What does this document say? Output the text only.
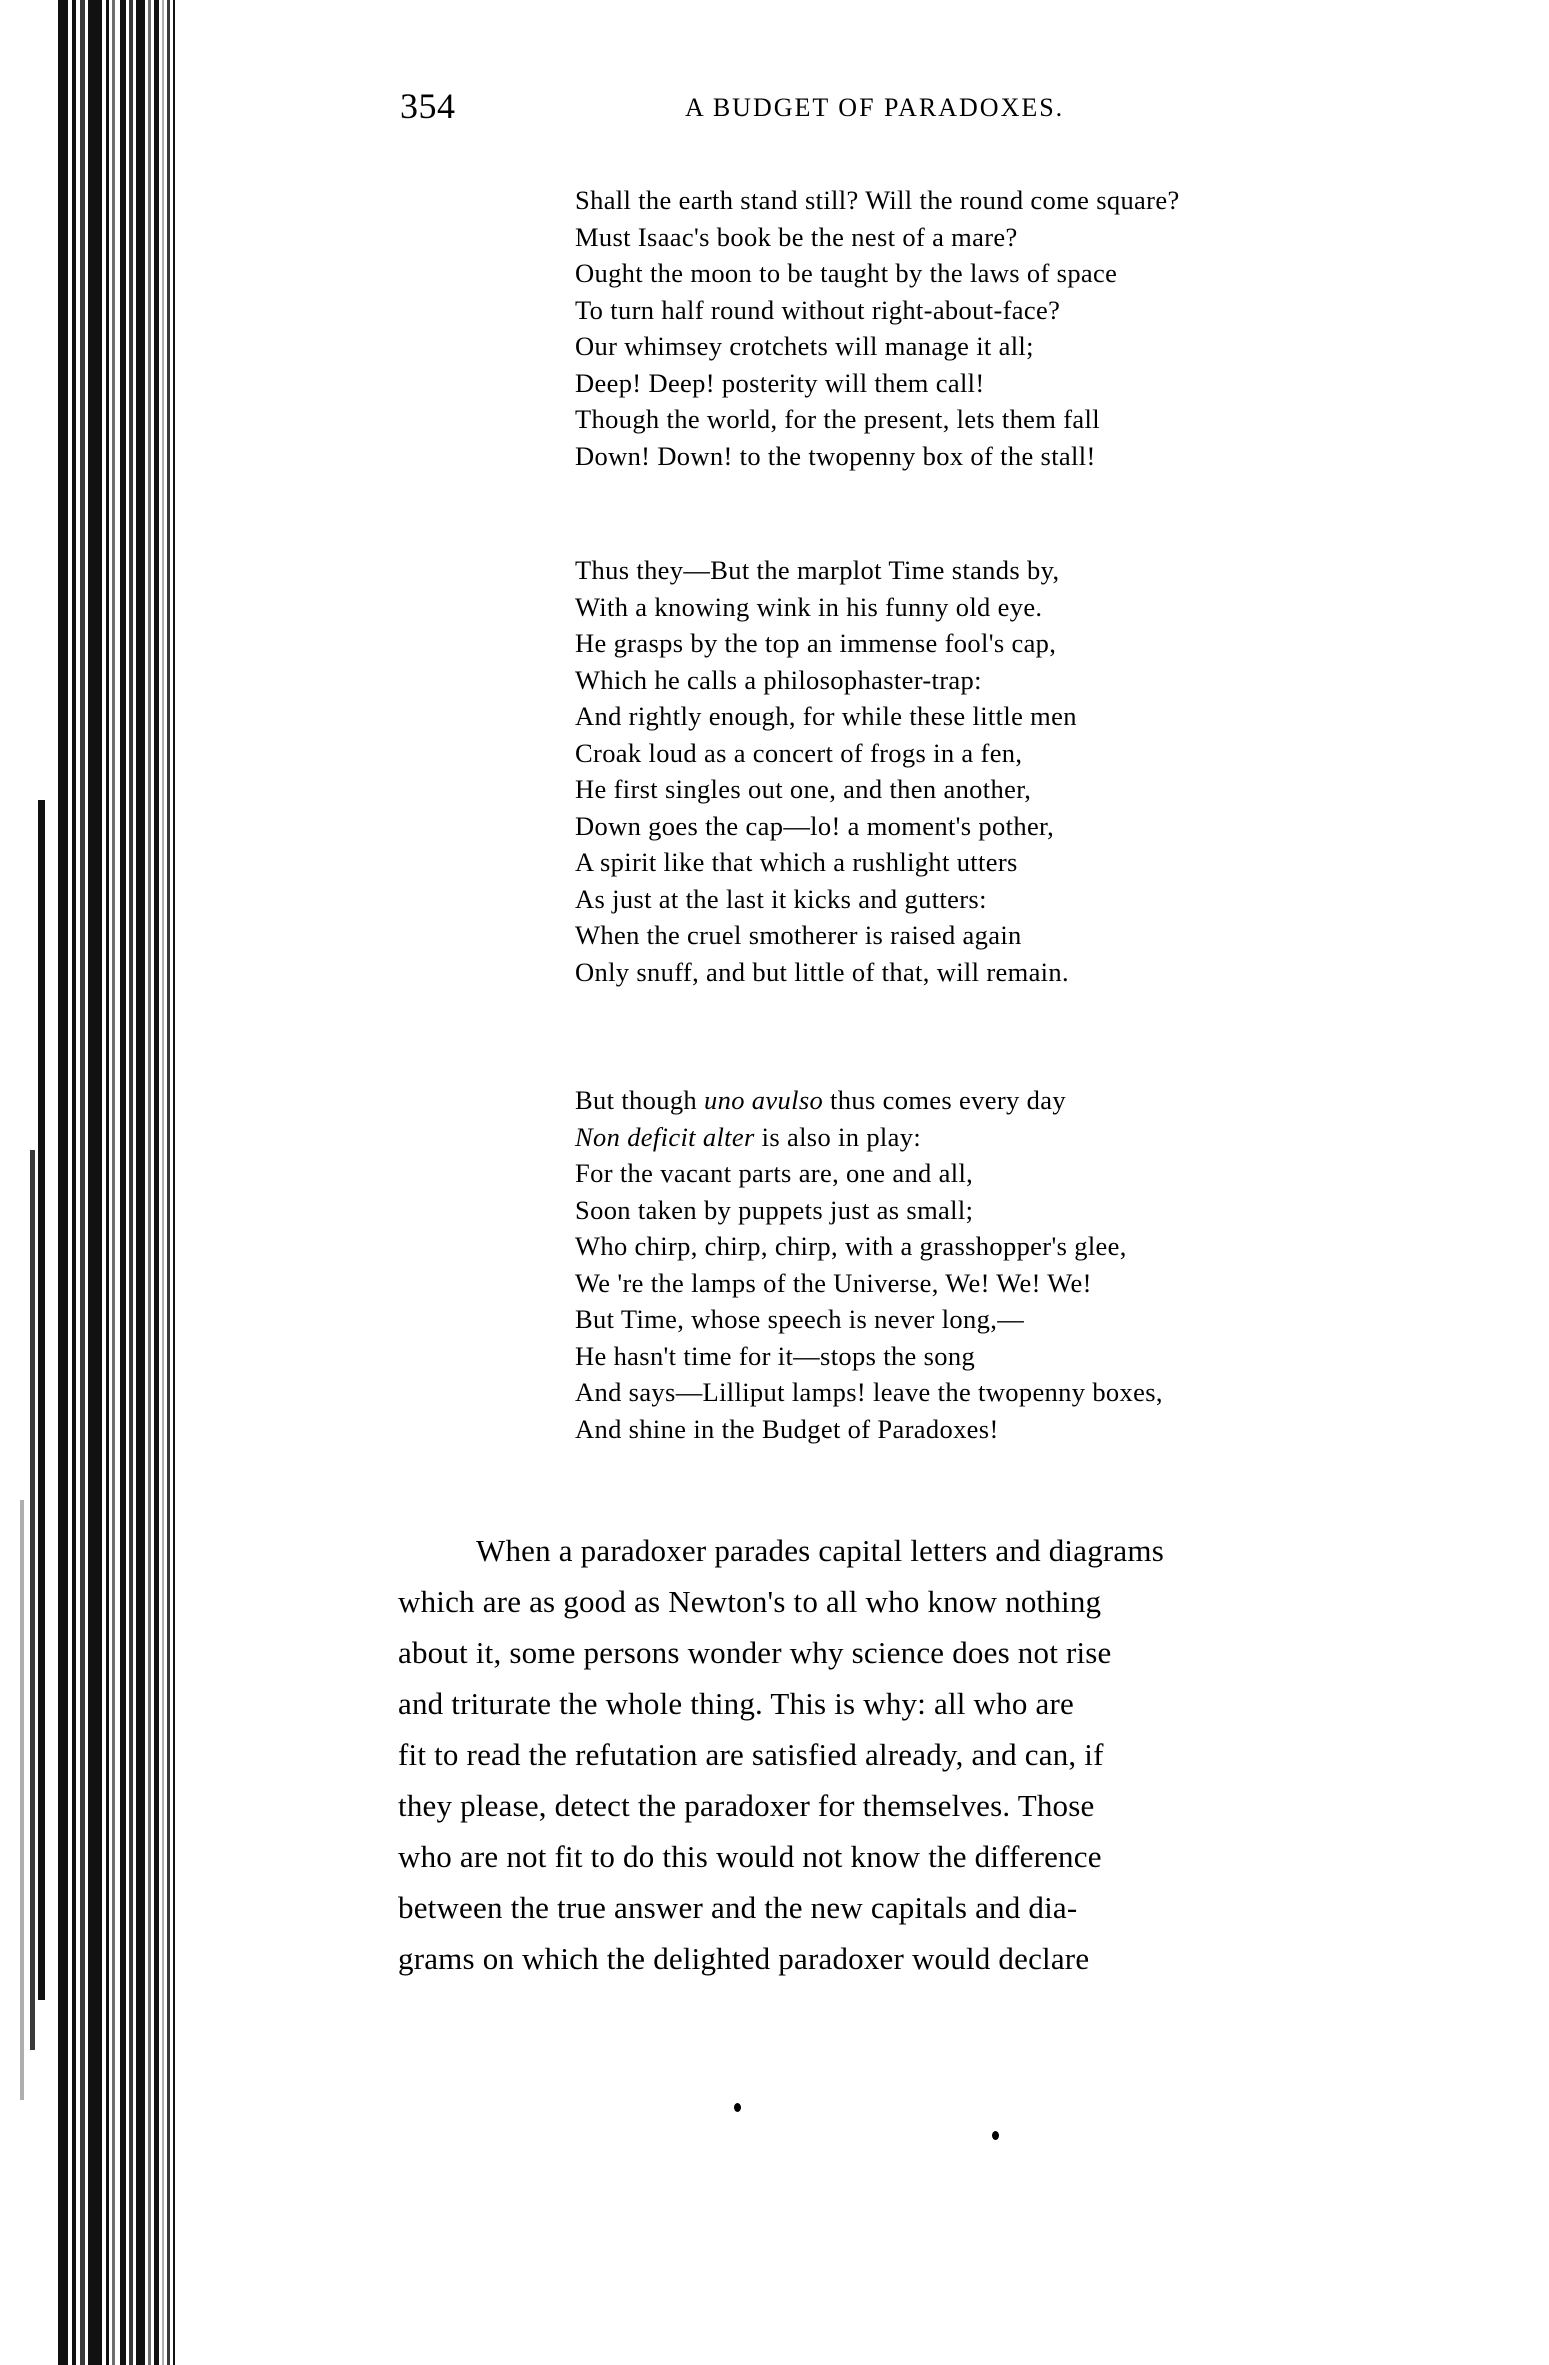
354	A BUDGET OF PARADOXES.
Shall the earth stand still? Will the round come square?
Must Isaac's book be the nest of a mare?
Ought the moon to be taught by the laws of space
To turn half round without right-about-face?
Our whimsey crotchets will manage it all;
Deep! Deep! posterity will them call!
Though the world, for the present, lets them fall
Down! Down! to the twopenny box of the stall!
Thus they—But the marplot Time stands by,
With a knowing wink in his funny old eye.
He grasps by the top an immense fool's cap,
Which he calls a philosophaster-trap:
And rightly enough, for while these little men
Croak loud as a concert of frogs in a fen,
He first singles out one, and then another,
Down goes the cap—lo! a moment's pother,
A spirit like that which a rushlight utters
As just at the last it kicks and gutters:
When the cruel smotherer is raised again
Only snuff, and but little of that, will remain.
But though uno avulso thus comes every day
Non deficit alter is also in play:
For the vacant parts are, one and all,
Soon taken by puppets just as small;
Who chirp, chirp, chirp, with a grasshopper's glee,
We 're the lamps of the Universe, We! We! We!
But Time, whose speech is never long,—
He hasn't time for it—stops the song
And says—Lilliput lamps! leave the twopenny boxes,
And shine in the Budget of Paradoxes!
When a paradoxer parades capital letters and diagrams
which are as good as Newton's to all who know nothing
about it, some persons wonder why science does not rise
and triturate the whole thing. This is why: all who are
fit to read the refutation are satisfied already, and can, if
they please, detect the paradoxer for themselves. Those
who are not fit to do this would not know the difference
between the true answer and the new capitals and dia-
grams on which the delighted paradoxer would declare
